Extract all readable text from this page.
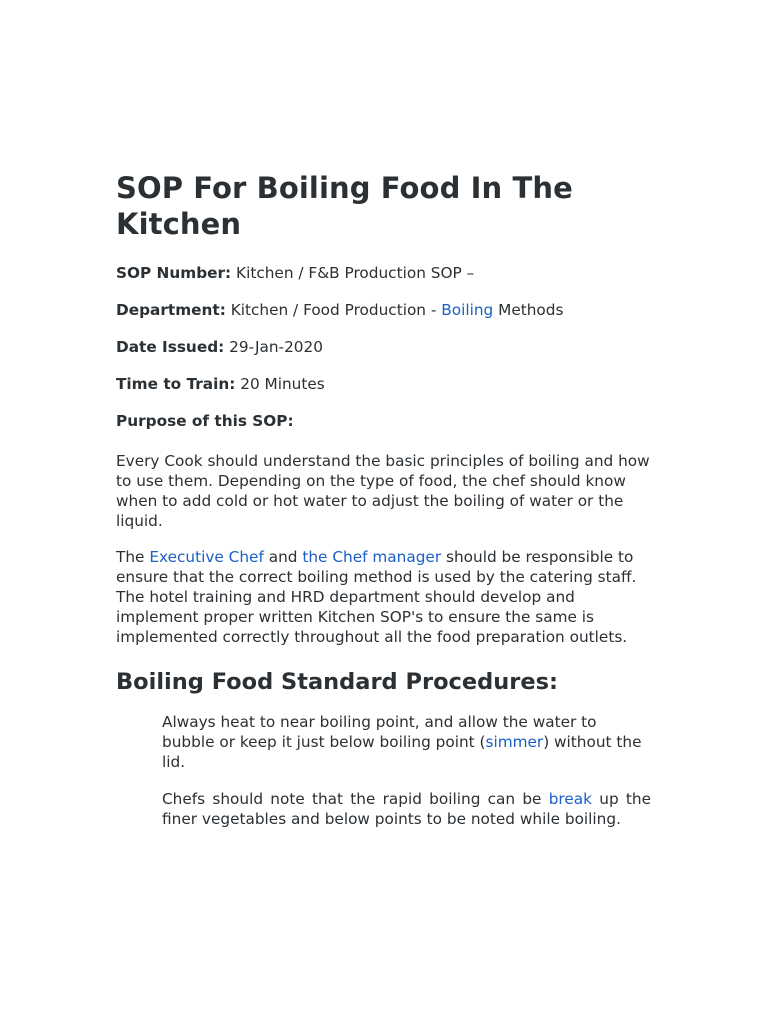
SOP For Boiling Food In The Kitchen

SOP Number: Kitchen / F&B Production SOP –

Department: Kitchen / Food Production - Boiling Methods

Date Issued: 29-Jan-2020

Time to Train: 20 Minutes

Purpose of this SOP:

Every Cook should understand the basic principles of boiling and how to use them. Depending on the type of food, the chef should know when to add cold or hot water to adjust the boiling of water or the liquid.

The Executive Chef and the Chef manager should be responsible to ensure that the correct boiling method is used by the catering staff. The hotel training and HRD department should develop and implement proper written Kitchen SOP's to ensure the same is implemented correctly throughout all the food preparation outlets.

Boiling Food Standard Procedures:

Always heat to near boiling point, and allow the water to bubble or keep it just below boiling point (simmer) without the lid.

Chefs should note that the rapid boiling can be break up the finer vegetables and below points to be noted while boiling.
